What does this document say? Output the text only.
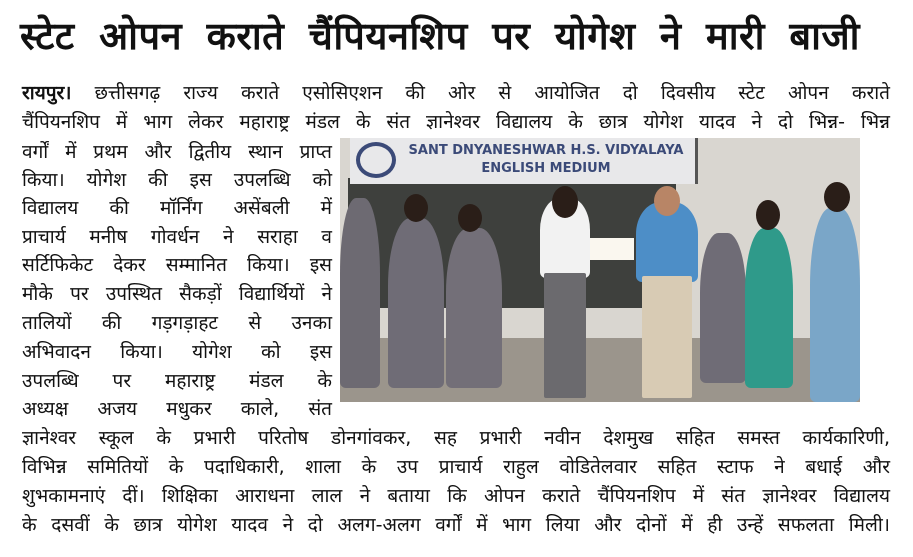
स्टेट ओपन कराते चैंपियनशिप पर योगेश ने मारी बाजी
रायपुर। छत्तीसगढ़ राज्य कराते एसोसिएशन की ओर से आयोजित दो दिवसीय स्टेट ओपन कराते
चैंपियनशिप में भाग लेकर महाराष्ट्र मंडल के संत ज्ञानेश्वर विद्यालय के छात्र योगेश यादव ने दो भिन्न- भिन्न
वर्गों में प्रथम और द्वितीय स्थान प्राप्त
किया। योगेश की इस उपलब्धि को
विद्यालय की मॉर्निंग असेंबली में
प्राचार्य मनीष गोवर्धन ने सराहा व
सर्टिफिकेट देकर सम्मानित किया। इस
मौके पर उपस्थित सैकड़ों विद्यार्थियों ने
तालियों की गड़गड़ाहट से उनका
अभिवादन किया। योगेश को इस
उपलब्धि पर महाराष्ट्र मंडल के
अध्यक्ष अजय मधुकर काले, संत
ज्ञानेश्वर स्कूल के प्रभारी परितोष डोनगांवकर, सह प्रभारी नवीन देशमुख सहित समस्त कार्यकारिणी,
विभिन्न समितियों के पदाधिकारी, शाला के उप प्राचार्य राहुल वोडितेलवार सहित स्टाफ ने बधाई और
शुभकामनाएं दीं। शिक्षिका आराधना लाल ने बताया कि ओपन कराते चैंपियनशिप में संत ज्ञानेश्वर विद्यालय
के दसवीं के छात्र योगेश यादव ने दो अलग-अलग वर्गों में भाग लिया और दोनों में ही उन्हें सफलता मिली।
SANT DNYANESHWAR H.S. VIDYALAYA
ENGLISH MEDIUM
